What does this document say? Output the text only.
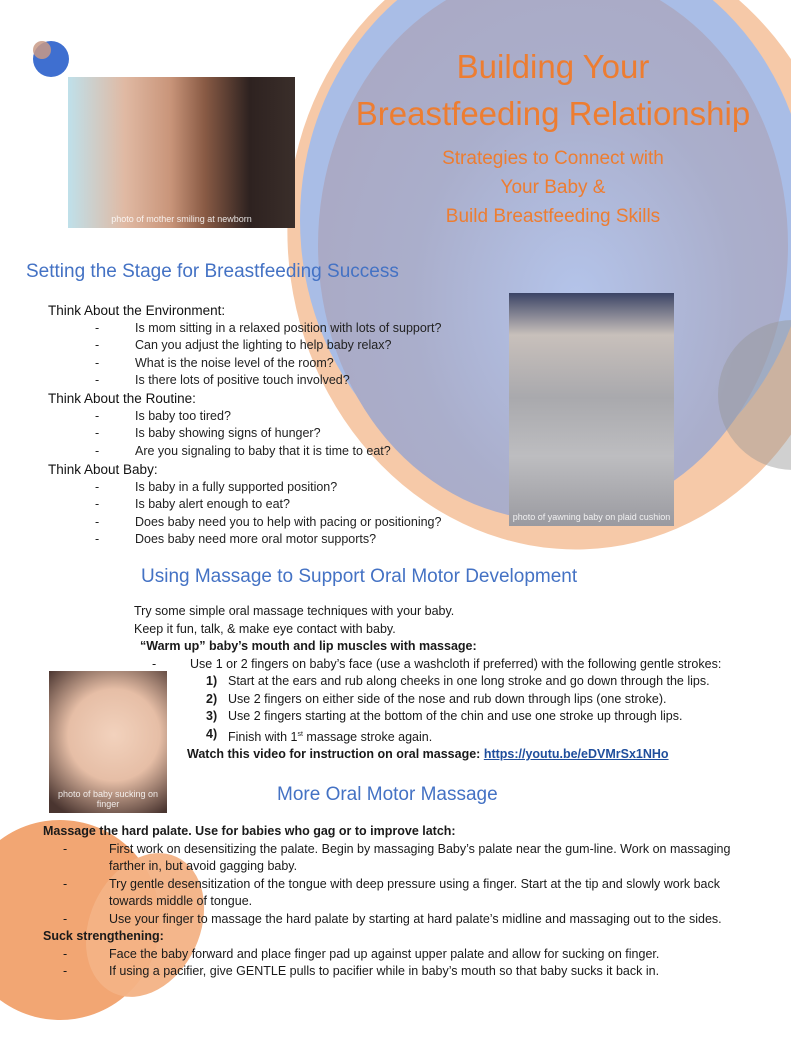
photo of mother smiling at newborn
photo of yawning baby on plaid cushion
photo of baby sucking on finger
Building Your
Breastfeeding Relationship
Strategies to Connect with
Your Baby &
Build Breastfeeding Skills
Setting the Stage for Breastfeeding Success
Think About the Environment:
- Is mom sitting in a relaxed position with lots of support?
- Can you adjust the lighting to help baby relax?
- What is the noise level of the room?
- Is there lots of positive touch involved?
Think About the Routine:
- Is baby too tired?
- Is baby showing signs of hunger?
- Are you signaling to baby that it is time to eat?
Think About Baby:
- Is baby in a fully supported position?
- Is baby alert enough to eat?
- Does baby need you to help with pacing or positioning?
- Does baby need more oral motor supports?
Using Massage to Support Oral Motor Development
Try some simple oral massage techniques with your baby.
Keep it fun, talk, & make eye contact with baby.
“Warm up” baby’s mouth and lip muscles with massage:
- Use 1 or 2 fingers on baby’s face (use a washcloth if preferred) with the following gentle strokes:
1) Start at the ears and rub along cheeks in one long stroke and go down through the lips.
2) Use 2 fingers on either side of the nose and rub down through lips (one stroke).
3) Use 2 fingers starting at the bottom of the chin and use one stroke up through lips.
4) Finish with 1st massage stroke again.
Watch this video for instruction on oral massage: https://youtu.be/eDVMrSx1NHo
More Oral Motor Massage
Massage the hard palate. Use for babies who gag or to improve latch:
- First work on desensitizing the palate. Begin by massaging Baby’s palate near the gum-line. Work on massaging farther in, but avoid gagging baby.
- Try gentle desensitization of the tongue with deep pressure using a finger. Start at the tip and slowly work back towards middle of tongue.
- Use your finger to massage the hard palate by starting at hard palate’s midline and massaging out to the sides.
Suck strengthening:
- Face the baby forward and place finger pad up against upper palate and allow for sucking on finger.
- If using a pacifier, give GENTLE pulls to pacifier while in baby’s mouth so that baby sucks it back in.
